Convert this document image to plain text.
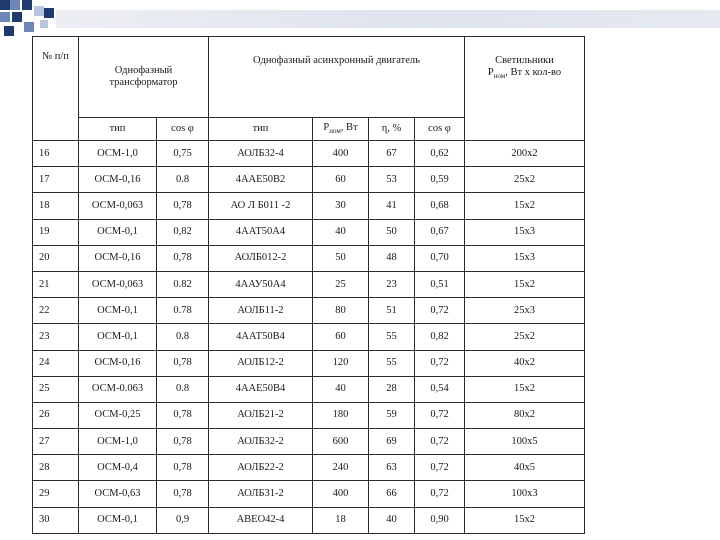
№ п/п	Однофазный трансформатор		Однофазный асинхронный двигатель				Светильники
$P_{ном}$, Вт х кол-во
	тип	cos φ	тип	$P_{ном}$, Вт	η, %	cos φ	
16	ОСМ-1,0	0,75	АОЛБ32-4	400	67	0,62	200х2
17	ОСМ-0,16	0.8	4ААЕ50В2	60	53	0,59	25х2
18	ОСМ-0,063	0,78	АО Л Б011 -2	30	41	0,68	15х2
19	ОСМ-0,1	0,82	4ААТ50А4	40	50	0,67	15х3
20	ОСМ-0,16	0,78	АОЛБ012-2	50	48	0,70	15х3
21	ОСМ-0,063	0.82	4ААУ50А4	25	23	0,51	15х2
22	ОСМ-0,1	0.78	АОЛБ11-2	80	51	0,72	25х3
23	ОСМ-0,1	0.8	4ААТ50В4	60	55	0,82	25х2
24	ОСМ-0,16	0,78	АОЛБ12-2	120	55	0,72	40х2
25	ОСМ-0.063	0.8	4ААЕ50В4	40	28	0,54	15х2
26	ОСМ-0,25	0,78	АОЛБ21-2	180	59	0,72	80х2
27	ОСМ-1,0	0,78	АОЛБ32-2	600	69	0,72	100х5
28	ОСМ-0,4	0,78	АОЛБ22-2	240	63	0,72	40х5
29	ОСМ-0,63	0,78	АОЛБ31-2	400	66	0,72	100х3
30	ОСМ-0,1	0,9	АВЕО42-4	18	40	0,90	15х2
